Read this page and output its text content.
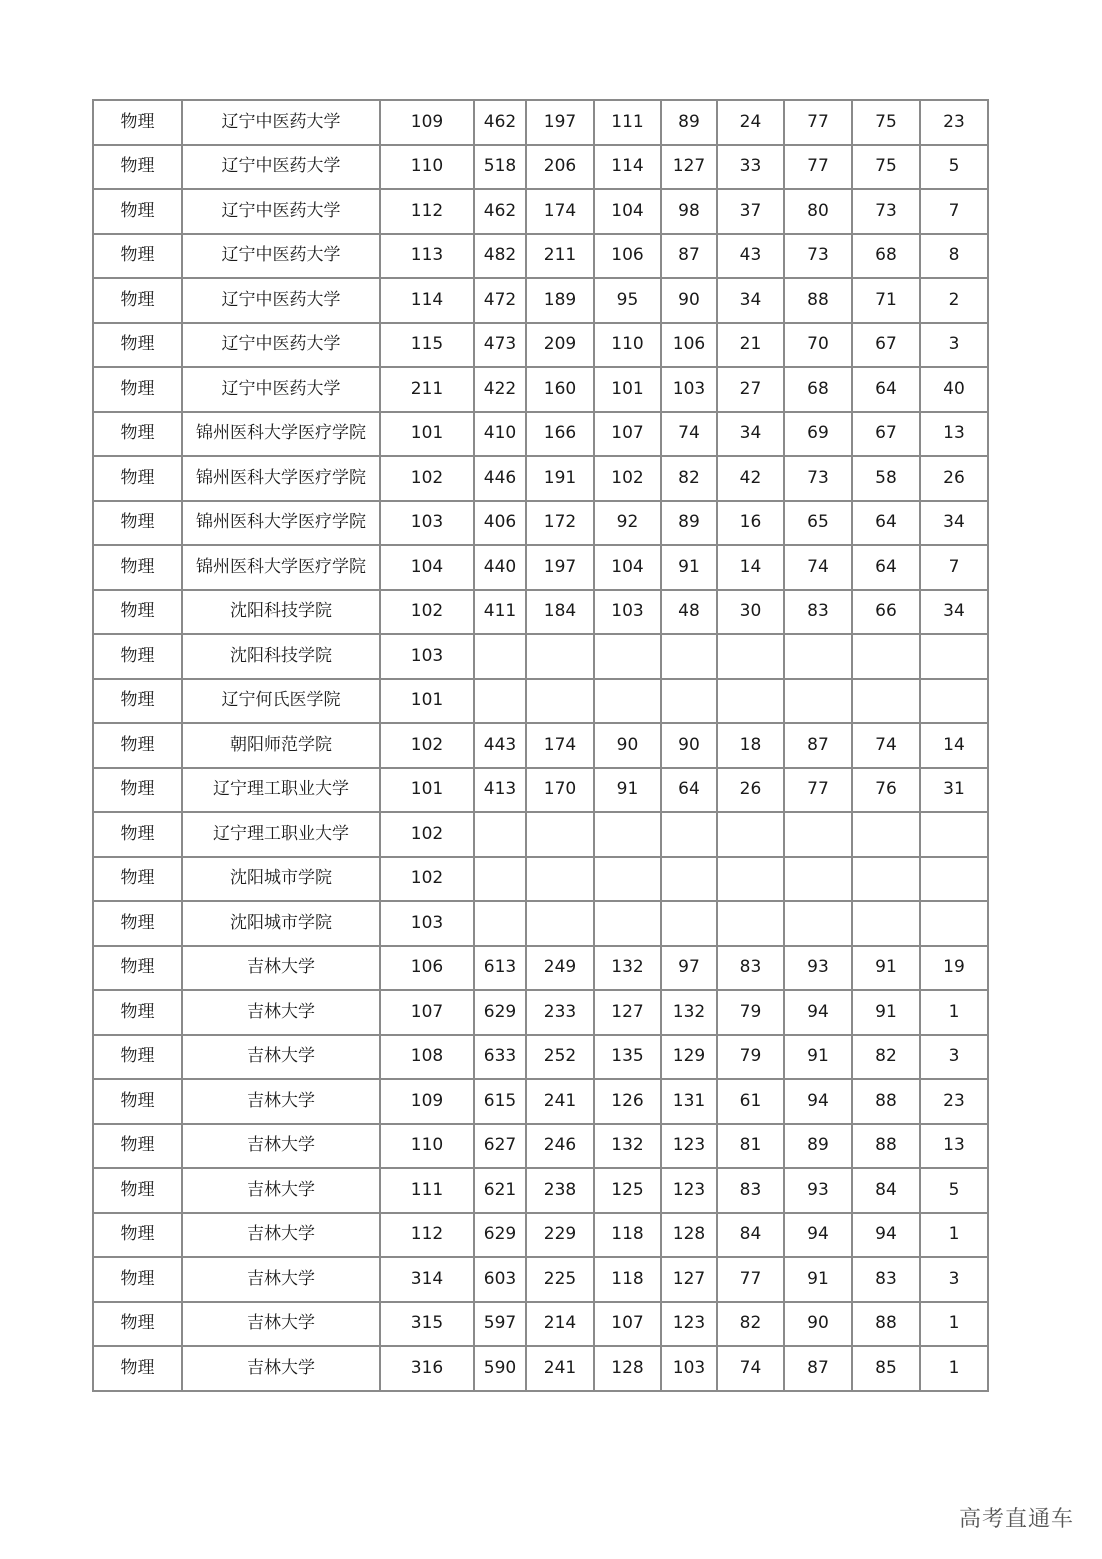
物理	辽宁中医药大学	109	462	197	111	89	24	77	75	23
物理	辽宁中医药大学	110	518	206	114	127	33	77	75	5
物理	辽宁中医药大学	112	462	174	104	98	37	80	73	7
物理	辽宁中医药大学	113	482	211	106	87	43	73	68	8
物理	辽宁中医药大学	114	472	189	95	90	34	88	71	2
物理	辽宁中医药大学	115	473	209	110	106	21	70	67	3
物理	辽宁中医药大学	211	422	160	101	103	27	68	64	40
物理	锦州医科大学医疗学院	101	410	166	107	74	34	69	67	13
物理	锦州医科大学医疗学院	102	446	191	102	82	42	73	58	26
物理	锦州医科大学医疗学院	103	406	172	92	89	16	65	64	34
物理	锦州医科大学医疗学院	104	440	197	104	91	14	74	64	7
物理	沈阳科技学院	102	411	184	103	48	30	83	66	34
物理	沈阳科技学院	103								
物理	辽宁何氏医学院	101								
物理	朝阳师范学院	102	443	174	90	90	18	87	74	14
物理	辽宁理工职业大学	101	413	170	91	64	26	77	76	31
物理	辽宁理工职业大学	102								
物理	沈阳城市学院	102								
物理	沈阳城市学院	103								
物理	吉林大学	106	613	249	132	97	83	93	91	19
物理	吉林大学	107	629	233	127	132	79	94	91	1
物理	吉林大学	108	633	252	135	129	79	91	82	3
物理	吉林大学	109	615	241	126	131	61	94	88	23
物理	吉林大学	110	627	246	132	123	81	89	88	13
物理	吉林大学	111	621	238	125	123	83	93	84	5
物理	吉林大学	112	629	229	118	128	84	94	94	1
物理	吉林大学	314	603	225	118	127	77	91	83	3
物理	吉林大学	315	597	214	107	123	82	90	88	1
物理	吉林大学	316	590	241	128	103	74	87	85	1
高考直通车
